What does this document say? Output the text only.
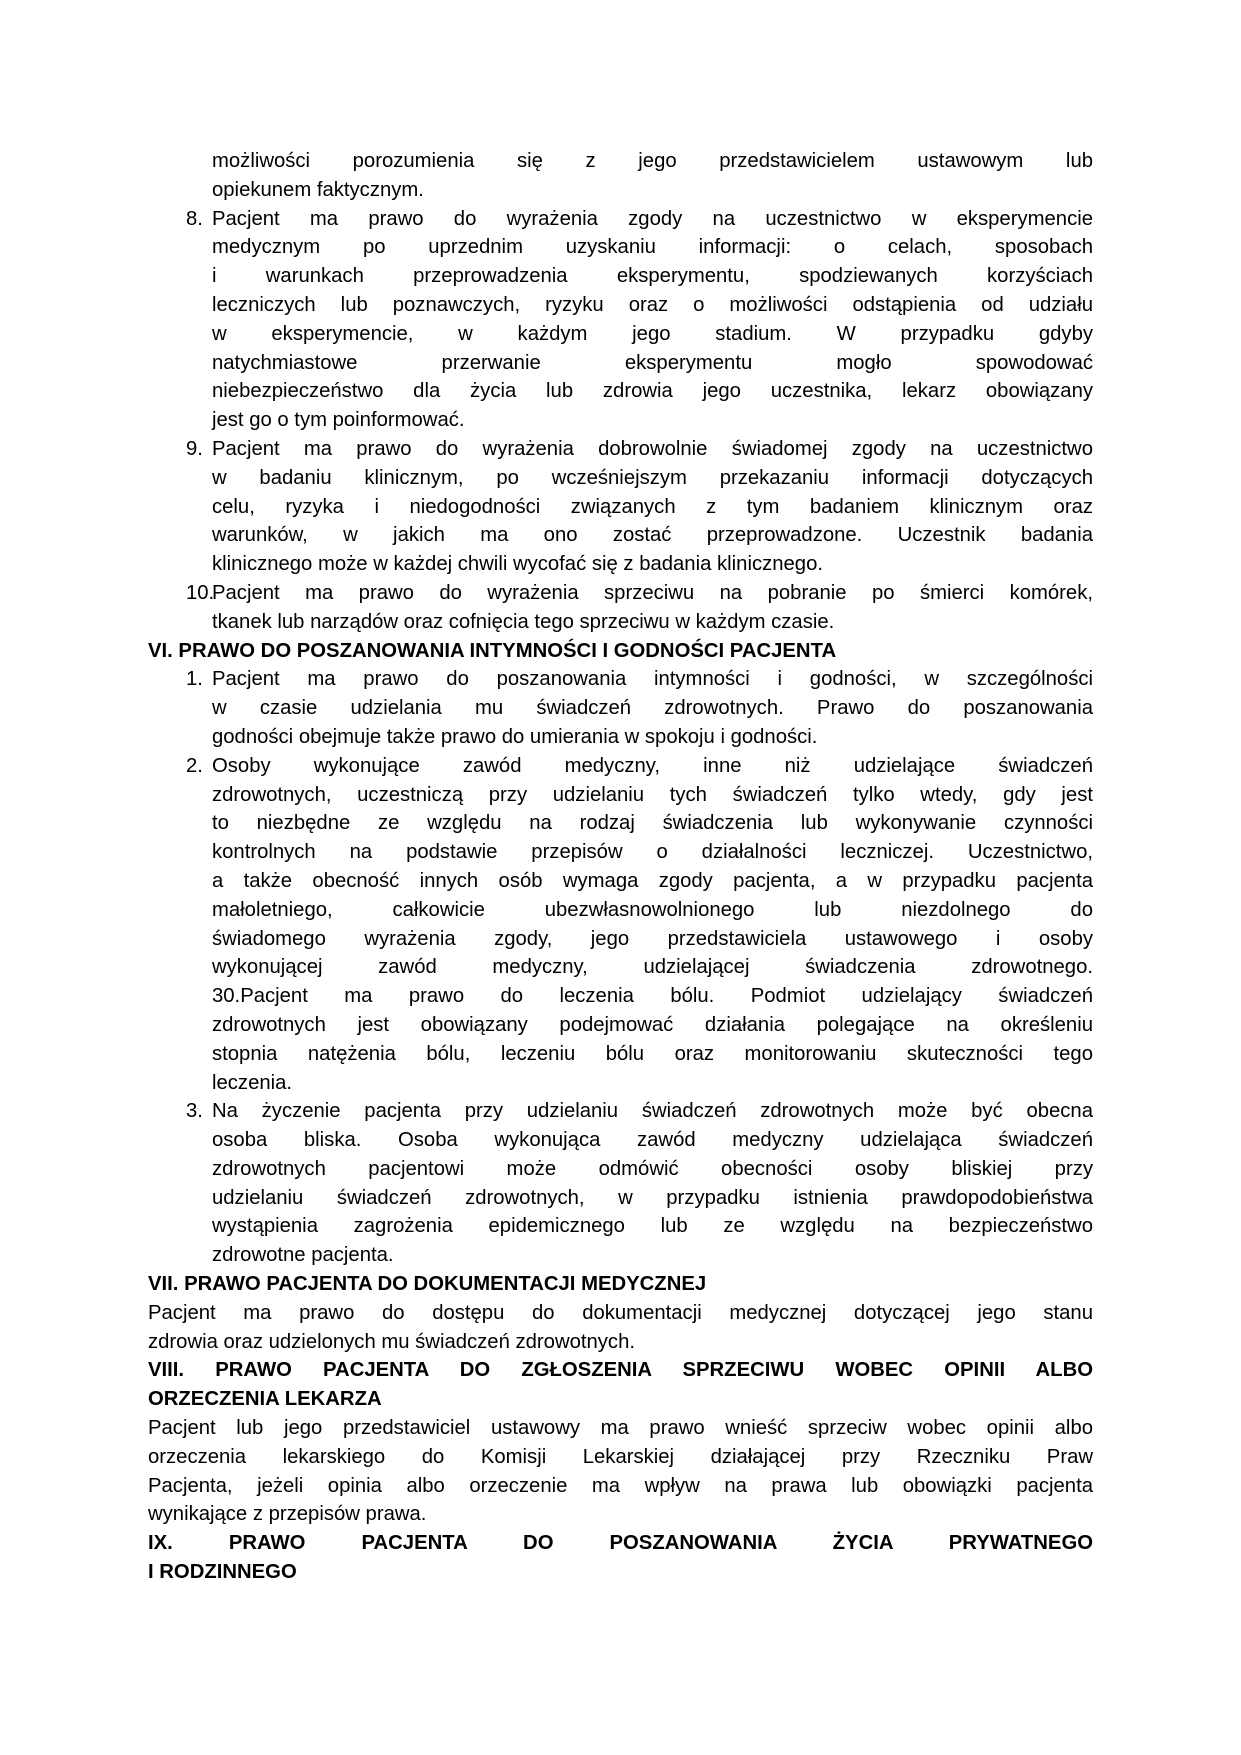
możliwości porozumienia się z jego przedstawicielem ustawowym lub
opiekunem faktycznym.
8. Pacjent ma prawo do wyrażenia zgody na uczestnictwo w eksperymencie
medycznym po uprzednim uzyskaniu informacji: o celach, sposobach
i warunkach przeprowadzenia eksperymentu, spodziewanych korzyściach
leczniczych lub poznawczych, ryzyku oraz o możliwości odstąpienia od udziału
w eksperymencie, w każdym jego stadium. W przypadku gdyby
natychmiastowe przerwanie eksperymentu mogło spowodować
niebezpieczeństwo dla życia lub zdrowia jego uczestnika, lekarz obowiązany
jest go o tym poinformować.
9. Pacjent ma prawo do wyrażenia dobrowolnie świadomej zgody na uczestnictwo
w badaniu klinicznym, po wcześniejszym przekazaniu informacji dotyczących
celu, ryzyka i niedogodności związanych z tym badaniem klinicznym oraz
warunków, w jakich ma ono zostać przeprowadzone. Uczestnik badania
klinicznego może w każdej chwili wycofać się z badania klinicznego.
10.
Pacjent ma prawo do wyrażenia sprzeciwu na pobranie po śmierci komórek,
tkanek lub narządów oraz cofnięcia tego sprzeciwu w każdym czasie.
VI. PRAWO DO POSZANOWANIA INTYMNOŚCI I GODNOŚCI PACJENTA
1. Pacjent ma prawo do poszanowania intymności i godności, w szczególności
w czasie udzielania mu świadczeń zdrowotnych. Prawo do poszanowania
godności obejmuje także prawo do umierania w spokoju i godności.
2. Osoby wykonujące zawód medyczny, inne niż udzielające świadczeń
zdrowotnych, uczestniczą przy udzielaniu tych świadczeń tylko wtedy, gdy jest
to niezbędne ze względu na rodzaj świadczenia lub wykonywanie czynności
kontrolnych na podstawie przepisów o działalności leczniczej. Uczestnictwo,
a także obecność innych osób wymaga zgody pacjenta, a w przypadku pacjenta
małoletniego, całkowicie ubezwłasnowolnionego lub niezdolnego do
świadomego wyrażenia zgody, jego przedstawiciela ustawowego i osoby
wykonującej zawód medyczny, udzielającej świadczenia zdrowotnego.
30.Pacjent ma prawo do leczenia bólu. Podmiot udzielający świadczeń
zdrowotnych jest obowiązany podejmować działania polegające na określeniu
stopnia natężenia bólu, leczeniu bólu oraz monitorowaniu skuteczności tego
leczenia.
3. Na życzenie pacjenta przy udzielaniu świadczeń zdrowotnych może być obecna
osoba bliska. Osoba wykonująca zawód medyczny udzielająca świadczeń
zdrowotnych pacjentowi może odmówić obecności osoby bliskiej przy
udzielaniu świadczeń zdrowotnych, w przypadku istnienia prawdopodobieństwa
wystąpienia zagrożenia epidemicznego lub ze względu na bezpieczeństwo
zdrowotne pacjenta.
VII. PRAWO PACJENTA DO DOKUMENTACJI MEDYCZNEJ
Pacjent ma prawo do dostępu do dokumentacji medycznej dotyczącej jego stanu
zdrowia oraz udzielonych mu świadczeń zdrowotnych.
VIII. PRAWO PACJENTA DO ZGŁOSZENIA SPRZECIWU WOBEC OPINII ALBO
ORZECZENIA LEKARZA
Pacjent lub jego przedstawiciel ustawowy ma prawo wnieść sprzeciw wobec opinii albo
orzeczenia lekarskiego do Komisji Lekarskiej działającej przy Rzeczniku Praw
Pacjenta, jeżeli opinia albo orzeczenie ma wpływ na prawa lub obowiązki pacjenta
wynikające z przepisów prawa.
IX. PRAWO PACJENTA DO POSZANOWANIA ŻYCIA PRYWATNEGO
I RODZINNEGO
